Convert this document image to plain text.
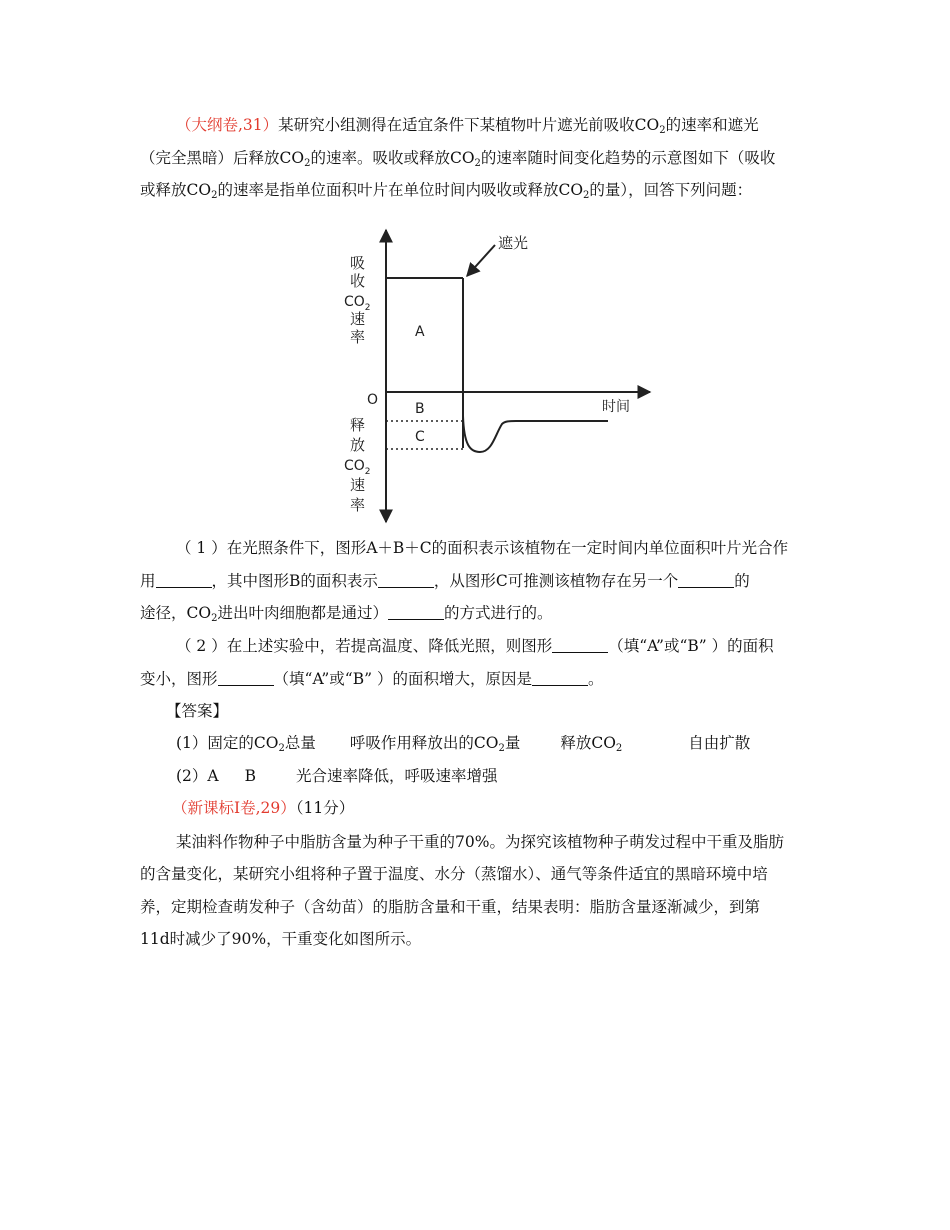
（大纲卷,31）某研究小组测得在适宜条件下某植物叶片遮光前吸收$CO_2$的速率和遮光
（完全黑暗）后释放$CO_2$的速率。吸收或释放$CO_2$的速率随时间变化趋势的示意图如下（吸收
或释放$CO_2$的速率是指单位面积叶片在单位时间内吸收或释放$CO_2$的量），回答下列问题：
遮光
吸
收
$CO_2$
速
率
O
释
放
$CO_2$
速
率
A
B
C
时间
（ 1 ）在光照条件下，图形A＋B＋C的面积表示该植物在一定时间内单位面积叶片光合作
用	，其中图形B的面积表示	，从图形C可推测该植物存在另一个	的
途径，$CO_2$进出叶肉细胞都是通过）	的方式进行的。
（ 2 ）在上述实验中，若提高温度、降低光照，则图形	（填“A”或“B” ）的面积
变小，图形	（填“A”或“B” ）的面积增大，原因是	。
【答案】
(1）固定的$CO_2$总量 呼吸作用释放出的$CO_2$量	释放$CO_2$	自由扩散
(2）A B	光合速率降低，呼吸速率增强
（新课标Ⅰ卷,29）（11分）
某油料作物种子中脂肪含量为种子干重的70%。为探究该植物种子萌发过程中干重及脂肪
的含量变化，某研究小组将种子置于温度、水分（蒸馏水）、通气等条件适宜的黑暗环境中培
养，定期检查萌发种子（含幼苗）的脂肪含量和干重，结果表明：脂肪含量逐渐减少，到第
11d时减少了90%，干重变化如图所示。
